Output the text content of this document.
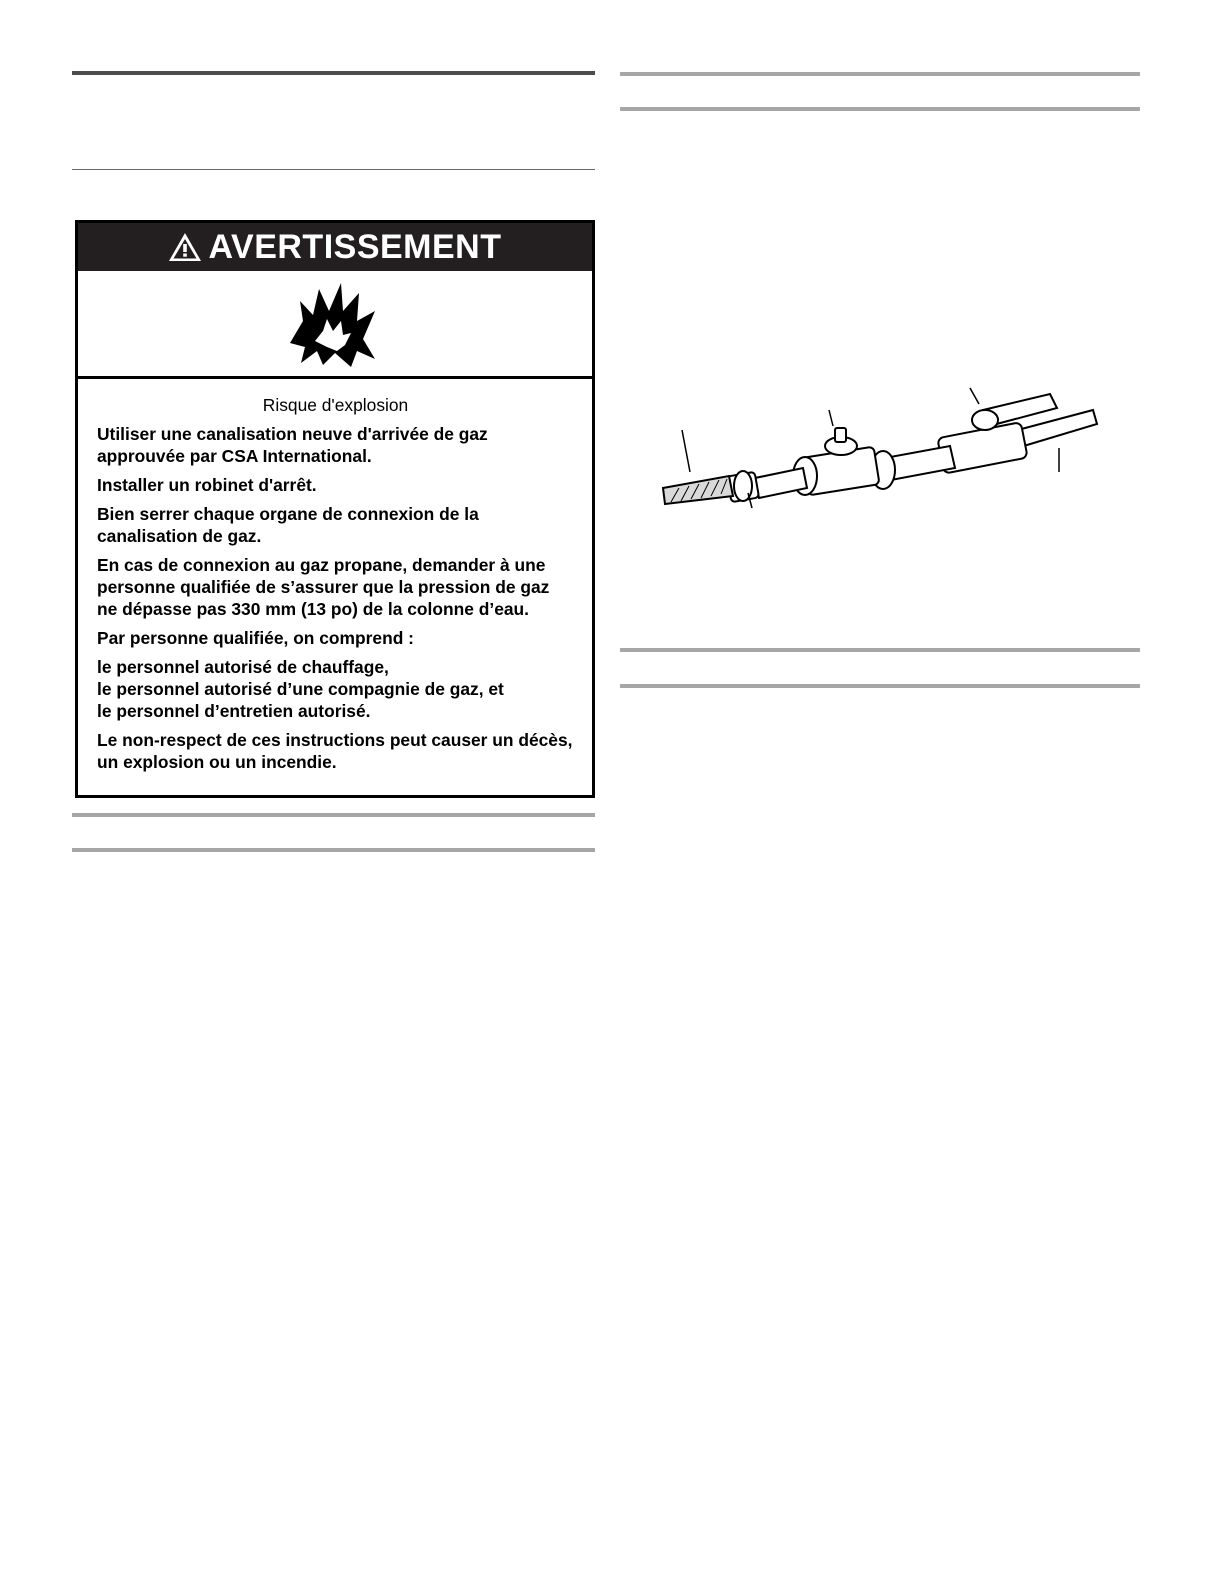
AVERTISSEMENT
Risque d'explosion

Utiliser une canalisation neuve d'arrivée de gaz approuvée par CSA International.

Installer un robinet d'arrêt.

Bien serrer chaque organe de connexion de la canalisation de gaz.

En cas de connexion au gaz propane, demander à une personne qualifiée de s’assurer que la pression de gaz ne dépasse pas 330 mm (13 po) de la colonne d’eau.

Par personne qualifiée, on comprend :

le personnel autorisé de chauffage,

le personnel autorisé d’une compagnie de gaz, et

le personnel d’entretien autorisé.

Le non-respect de ces instructions peut causer un décès, un explosion ou un incendie.
